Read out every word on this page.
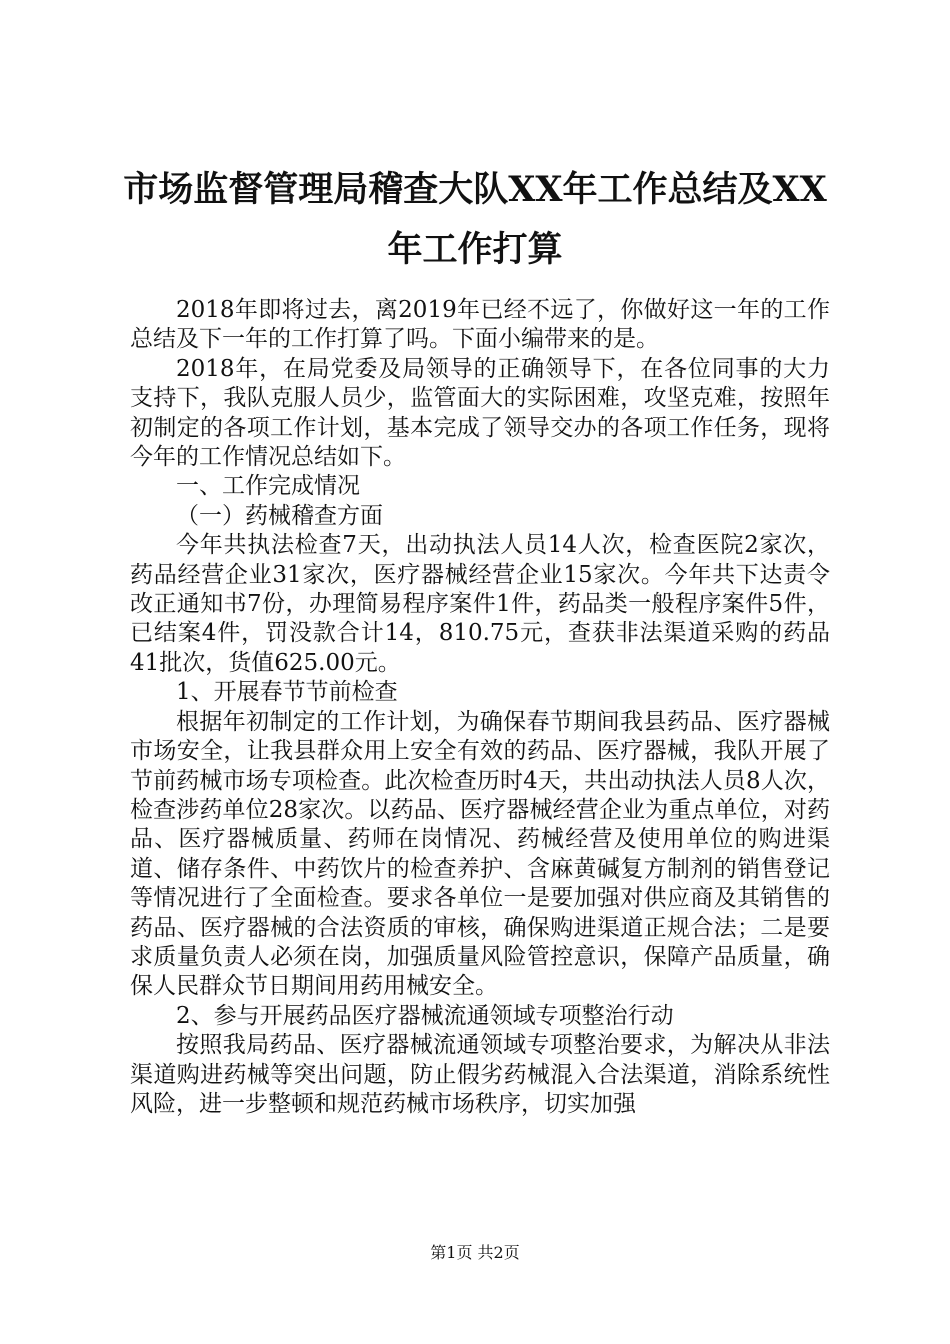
市场监督管理局稽查大队XX年工作总结及XX年工作打算

2018年即将过去，离2019年已经不远了，你做好这一年的工作总结及下一年的工作打算了吗。下面小编带来的是。

2018年，在局党委及局领导的正确领导下，在各位同事的大力支持下，我队克服人员少，监管面大的实际困难，攻坚克难，按照年初制定的各项工作计划，基本完成了领导交办的各项工作任务，现将今年的工作情况总结如下。

一、工作完成情况

（一）药械稽查方面

今年共执法检查7天，出动执法人员14人次，检查医院2家次，药品经营企业31家次，医疗器械经营企业15家次。今年共下达责令改正通知书7份，办理简易程序案件1件，药品类一般程序案件5件，已结案4件，罚没款合计14，810.75元，查获非法渠道采购的药品41批次，货值625.00元。

1、开展春节节前检查

根据年初制定的工作计划，为确保春节期间我县药品、医疗器械市场安全，让我县群众用上安全有效的药品、医疗器械，我队开展了节前药械市场专项检查。此次检查历时4天，共出动执法人员8人次，检查涉药单位28家次。以药品、医疗器械经营企业为重点单位，对药品、医疗器械质量、药师在岗情况、药械经营及使用单位的购进渠道、储存条件、中药饮片的检查养护、含麻黄碱复方制剂的销售登记等情况进行了全面检查。要求各单位一是要加强对供应商及其销售的药品、医疗器械的合法资质的审核，确保购进渠道正规合法；二是要求质量负责人必须在岗，加强质量风险管控意识，保障产品质量，确保人民群众节日期间用药用械安全。

2、参与开展药品医疗器械流通领域专项整治行动

按照我局药品、医疗器械流通领域专项整治要求，为解决从非法渠道购进药械等突出问题，防止假劣药械混入合法渠道，消除系统性风险，进一步整顿和规范药械市场秩序，切实加强

第1页 共2页
